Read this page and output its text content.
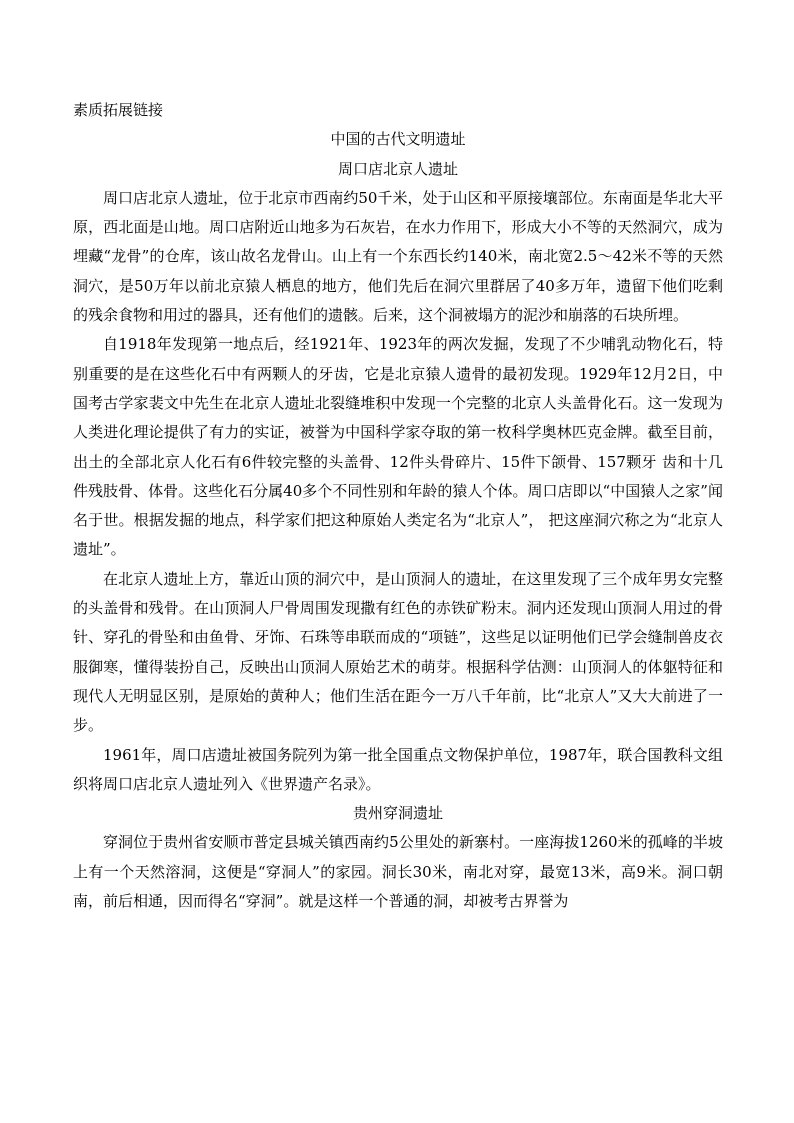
素质拓展链接

中国的古代文明遗址

周口店北京人遗址

周口店北京人遗址，位于北京市西南约50千米，处于山区和平原接壤部位。东南面是华北大平原，西北面是山地。周口店附近山地多为石灰岩，在水力作用下，形成大小不等的天然洞穴，成为埋藏“龙骨”的仓库，该山故名龙骨山。山上有一个东西长约140米，南北宽2.5～42米不等的天然洞穴，是50万年以前北京猿人栖息的地方，他们先后在洞穴里群居了40多万年，遗留下他们吃剩的残余食物和用过的器具，还有他们的遗骸。后来，这个洞被塌方的泥沙和崩落的石块所埋。

自1918年发现第一地点后，经1921年、1923年的两次发掘，发现了不少哺乳动物化石，特别重要的是在这些化石中有两颗人的牙齿，它是北京猿人遗骨的最初发现。1929年12月2日，中国考古学家裴文中先生在北京人遗址北裂缝堆积中发现一个完整的北京人头盖骨化石。这一发现为人类进化理论提供了有力的实证，被誉为中国科学家夺取的第一枚科学奥林匹克金牌。截至目前，出土的全部北京人化石有6件较完整的头盖骨、12件头骨碎片、15件下颌骨、157颗牙 齿和十几件残肢骨、体骨。这些化石分属40多个不同性别和年龄的猿人个体。周口店即以“中国猿人之家”闻名于世。根据发掘的地点，科学家们把这种原始人类定名为“北京人”， 把这座洞穴称之为“北京人遗址”。

在北京人遗址上方，靠近山顶的洞穴中，是山顶洞人的遗址，在这里发现了三个成年男女完整的头盖骨和残骨。在山顶洞人尸骨周围发现撒有红色的赤铁矿粉末。洞内还发现山顶洞人用过的骨针、穿孔的骨坠和由鱼骨、牙饰、石珠等串联而成的“项链”，这些足以证明他们已学会缝制兽皮衣服御寒，懂得装扮自己，反映出山顶洞人原始艺术的萌芽。根据科学估测：山顶洞人的体躯特征和现代人无明显区别，是原始的黄种人；他们生活在距今一万八千年前，比“北京人”又大大前进了一步。

1961年，周口店遗址被国务院列为第一批全国重点文物保护单位，1987年，联合国教科文组织将周口店北京人遗址列入《世界遗产名录》。

贵州穿洞遗址

穿洞位于贵州省安顺市普定县城关镇西南约5公里处的新寨村。一座海拔1260米的孤峰的半坡上有一个天然溶洞，这便是“穿洞人”的家园。洞长30米，南北对穿，最宽13米，高9米。洞口朝南，前后相通，因而得名“穿洞”。就是这样一个普通的洞，却被考古界誉为
